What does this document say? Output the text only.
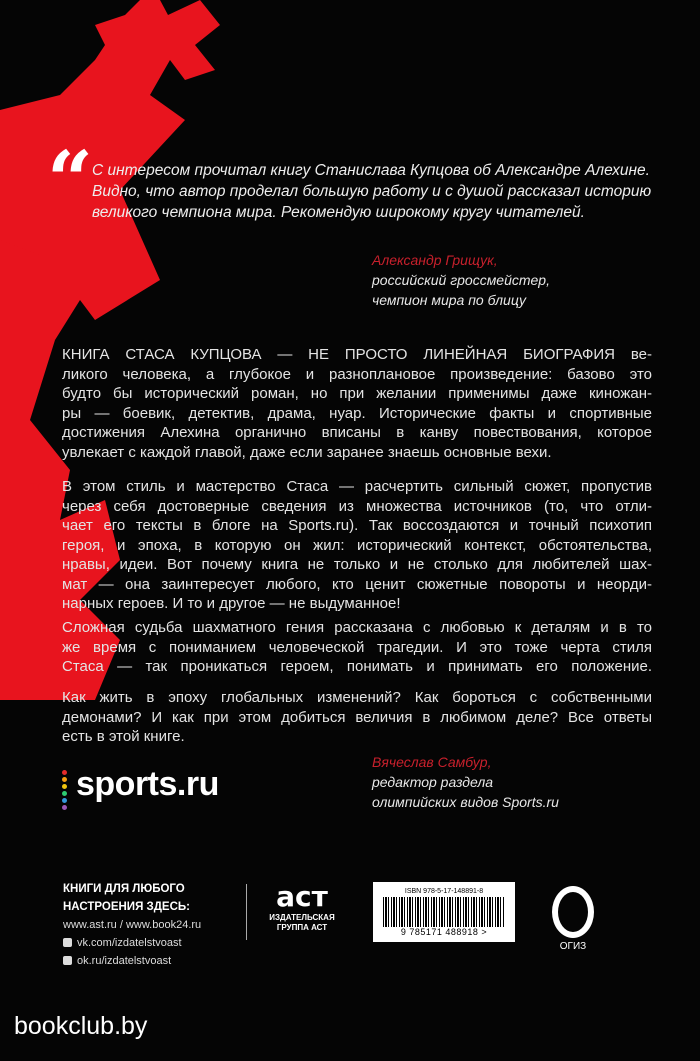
“
С интересом прочитал книгу Станислава Купцова об Александре Алехине. Видно, что автор проделал большую работу и с душой рассказал историю великого чемпиона мира. Рекомендую широкому кругу читателей.
Александр Грищук,
российский гроссмейстер,
чемпион мира по блицу
КНИГА СТАСА КУПЦОВА — НЕ ПРОСТО ЛИНЕЙНАЯ БИОГРАФИЯ ве-
ликого человека, а глубокое и разноплановое произведение: базово это
будто бы исторический роман, но при желании применимы даже киножан-
ры — боевик, детектив, драма, нуар. Исторические факты и спортивные
достижения Алехина органично вписаны в канву повествования, которое
увлекает с каждой главой, даже если заранее знаешь основные вехи.
В этом стиль и мастерство Стаса — расчертить сильный сюжет, пропустив
через себя достоверные сведения из множества источников (то, что отли-
чает его тексты в блоге на Sports.ru). Так воссоздаются и точный психотип
героя, и эпоха, в которую он жил: исторический контекст, обстоятельства,
нравы, идеи. Вот почему книга не только и не столько для любителей шах-
мат — она заинтересует любого, кто ценит сюжетные повороты и неорди-
нарных героев. И то и другое — не выдуманное!
Сложная судьба шахматного гения рассказана с любовью к деталям и в то
же время с пониманием человеческой трагедии. И это тоже черта стиля
Стаса — так проникаться героем, понимать и принимать его положение.
Как жить в эпоху глобальных изменений? Как бороться с собственными
демонами? И как при этом добиться величия в любимом деле? Все ответы
есть в этой книге.
Вячеслав Самбур,
редактор раздела
олимпийских видов Sports.ru
sports.ru
КНИГИ ДЛЯ ЛЮБОГО
НАСТРОЕНИЯ ЗДЕСЬ:
www.ast.ru / www.book24.ru
vk.com/izdatelstvoast
ok.ru/izdatelstvoast
аст
ИЗДАТЕЛЬСКАЯ
ГРУППА АСТ
ISBN 978-5-17-148891-8
9 785171 488918 >
ОГИЗ
bookclub.by
